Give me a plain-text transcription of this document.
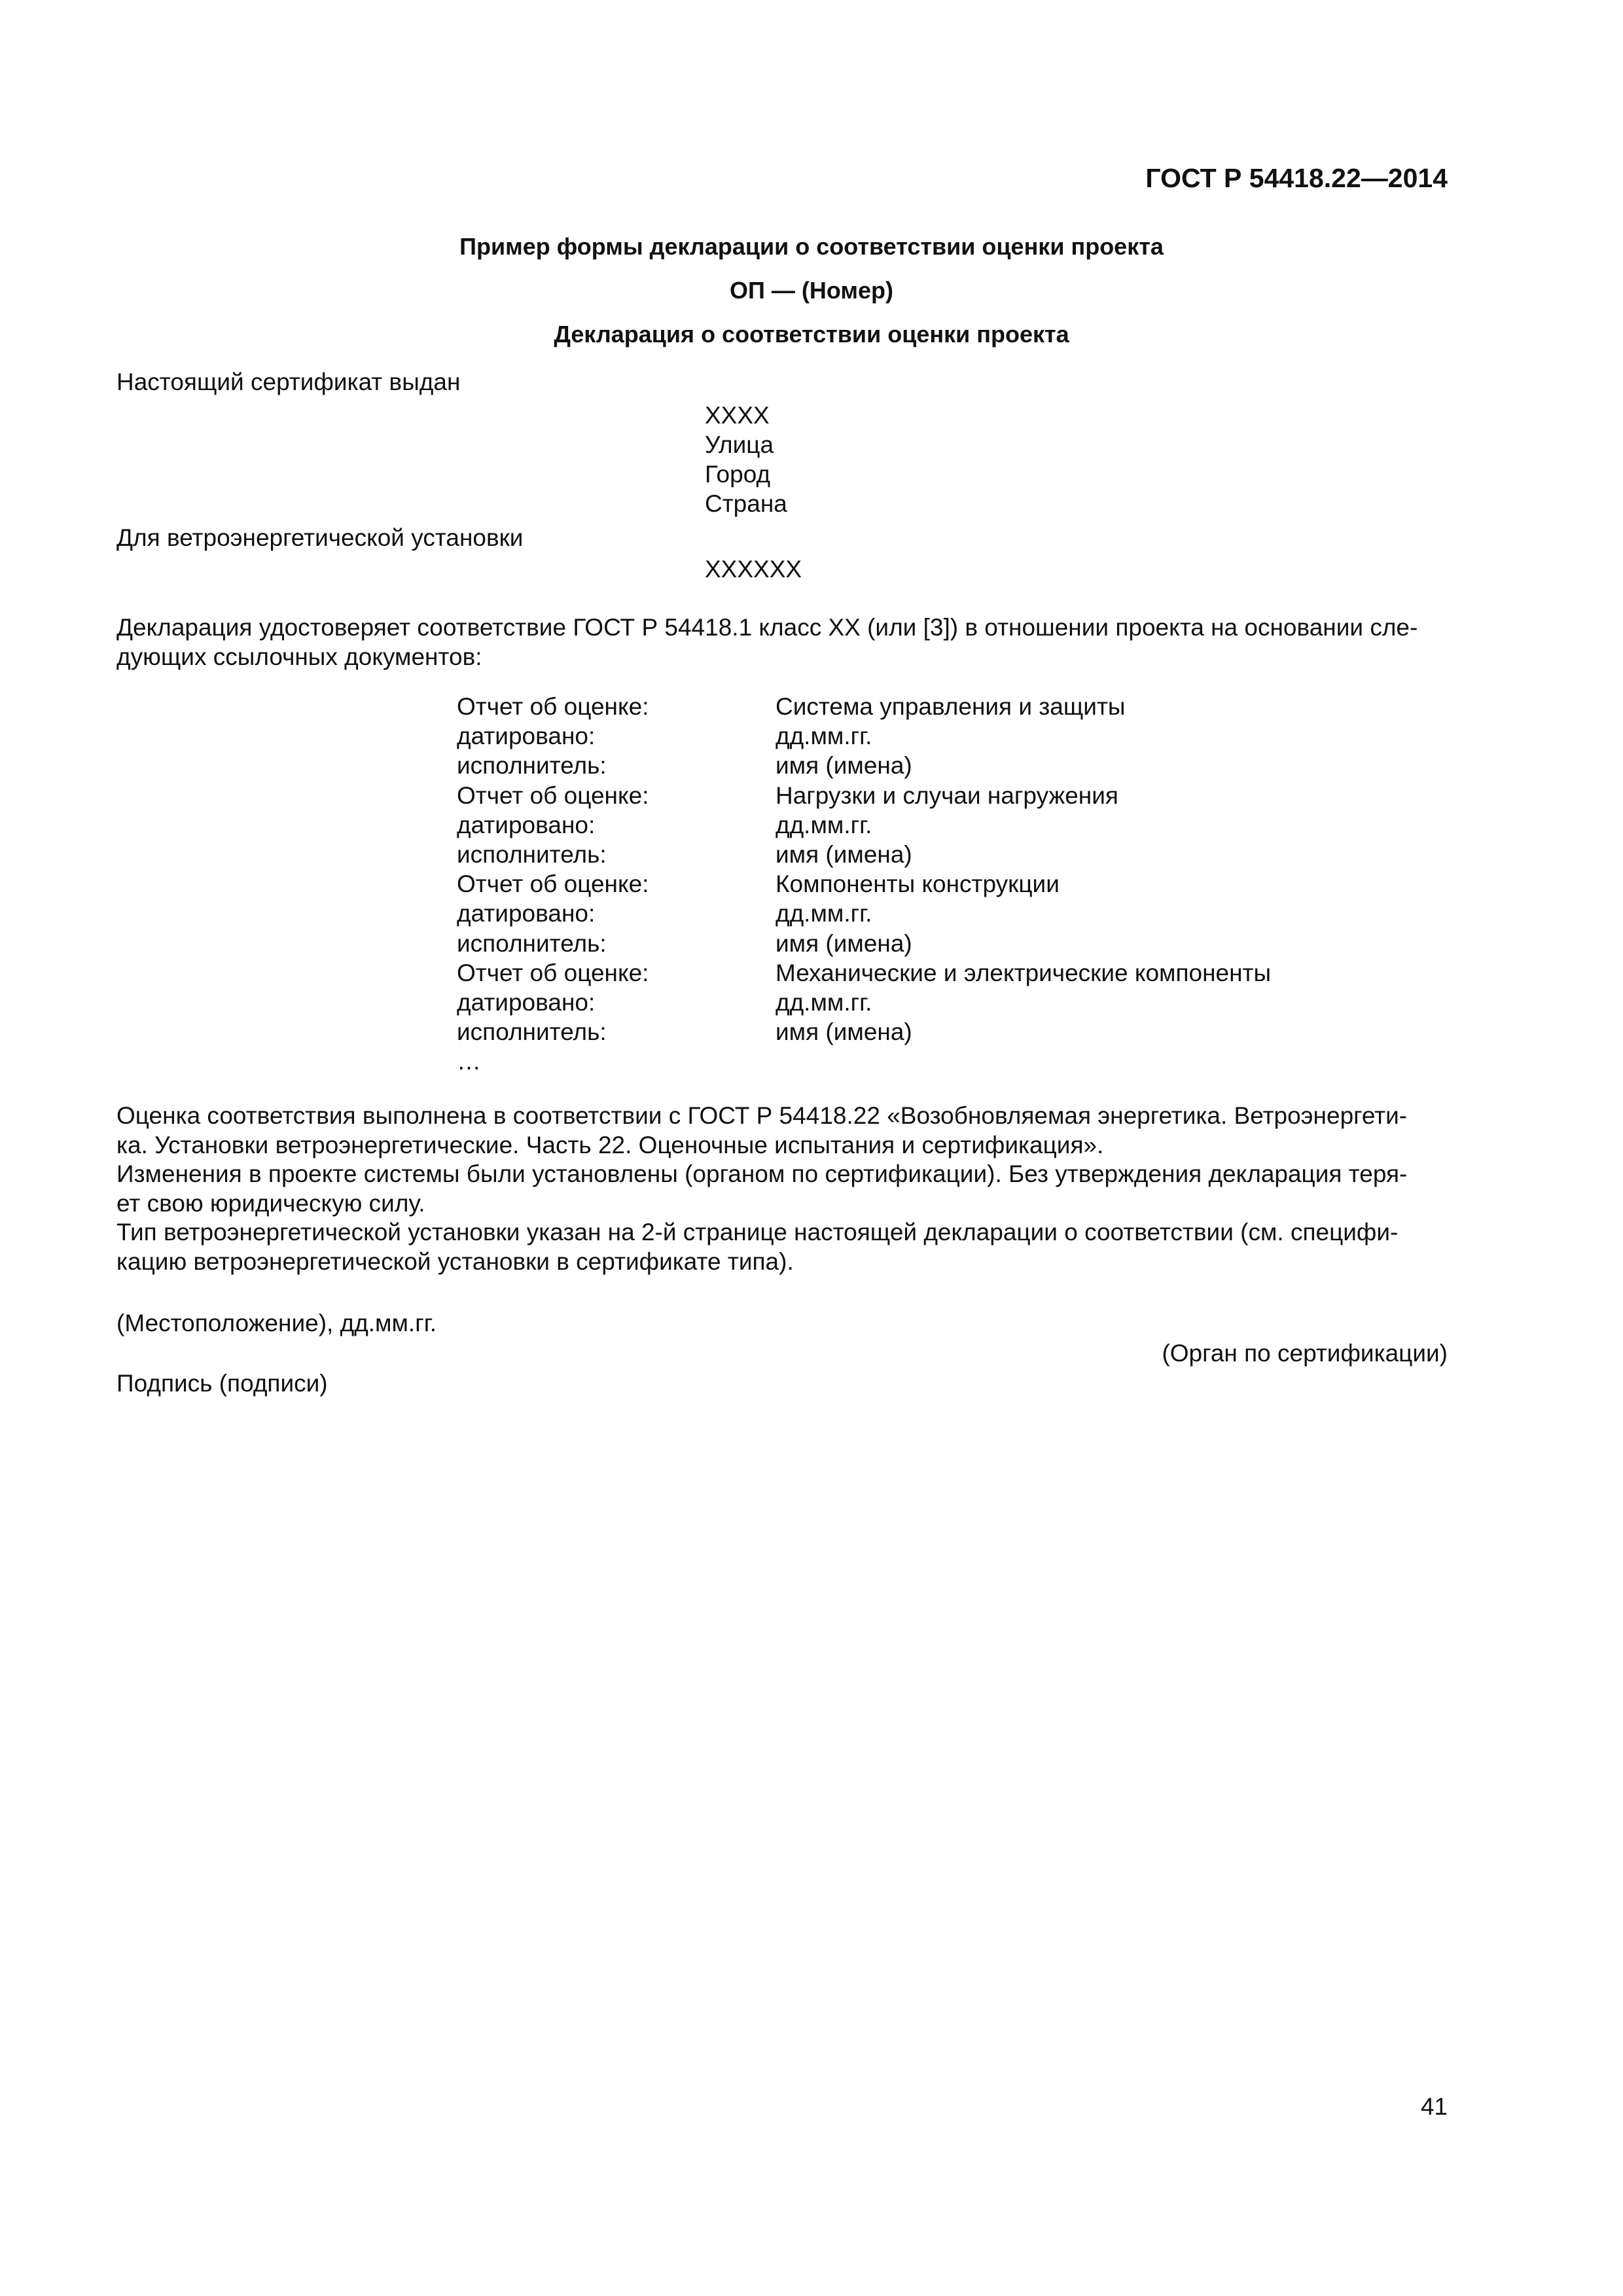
ГОСТ Р 54418.22—2014
Пример формы декларации о соответствии оценки проекта
ОП — (Номер)
Декларация о соответствии оценки проекта
Настоящий сертификат выдан
XXXX
Улица
Город
Страна
Для ветроэнергетической установки
XXXXXX
Декларация удостоверяет соответствие ГОСТ Р 54418.1 класс XX (или [3]) в отношении проекта на основании сле-
дующих ссылочных документов:
Отчет об оценке:
датировано:
исполнитель:
Отчет об оценке:
датировано:
исполнитель:
Отчет об оценке:
датировано:
исполнитель:
Отчет об оценке:
датировано:
исполнитель:
…
Система управления и защиты
дд.мм.гг.
имя (имена)
Нагрузки и случаи нагружения
дд.мм.гг.
имя (имена)
Компоненты конструкции
дд.мм.гг.
имя (имена)
Механические и электрические компоненты
дд.мм.гг.
имя (имена)
Оценка соответствия выполнена в соответствии с ГОСТ Р 54418.22 «Возобновляемая энергетика. Ветроэнергети-
ка. Установки ветроэнергетические. Часть 22. Оценочные испытания и сертификация».
Изменения в проекте системы были установлены (органом по сертификации). Без утверждения декларация теря-
ет свою юридическую силу.
Тип ветроэнергетической установки указан на 2-й странице настоящей декларации о соответствии (см. специфи-
кацию ветроэнергетической установки в сертификате типа).
(Местоположение), дд.мм.гг.
(Орган по сертификации)
Подпись (подписи)
41
